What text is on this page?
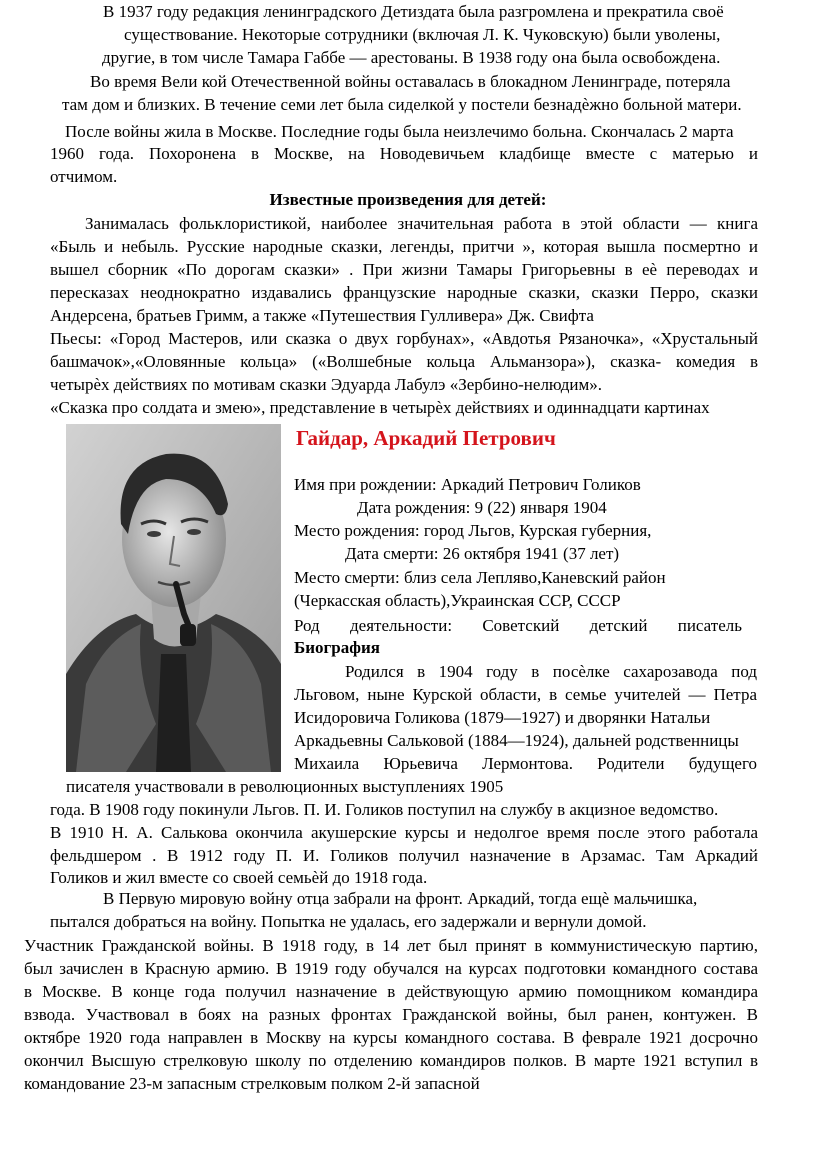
В 1937 году редакция ленинградского Детиздата была разгромлена и прекратила своё
существование. Некоторые сотрудники (включая Л. К. Чуковскую) были уволены,
другие, в том числе Тамара Габбе — арестованы. В 1938 году она была освобождена.
Во время Вели кой Отечественной войны оставалась в блокадном Ленинграде, потеряла
там дом и близких. В течение семи лет была сиделкой у постели безнадѐжно больной матери.
После войны жила в Москве. Последние годы была неизлечимо больна. Скончалась 2 марта
1960 года. Похоронена в Москве, на Новодевичьем кладбище вместе с матерью и
отчимом.
Известные произведения для детей:
Занималась фольклористикой, наиболее значительная работа в этой области — книга
«Быль и небыль. Русские народные сказки, легенды, притчи », которая вышла посмертно и
вышел сборник «По дорогам сказки» . При жизни Тамары Григорьевны в еѐ переводах и
пересказах неоднократно издавались французские народные сказки, сказки Перро, сказки
Андерсена, братьев Гримм, а также «Путешествия Гулливера» Дж. Свифта
Пьесы: «Город Мастеров, или сказка о двух горбунах», «Авдотья Рязаночка», «Хрустальный
башмачок»,«Оловянные кольца» («Волшебные кольца Альманзора»), сказка- комедия в
четырѐх действиях по мотивам сказки Эдуарда Лабулэ «Зербино-нелюдим».
«Сказка про солдата и змею», представление в четырѐх действиях и одиннадцати картинах
Гайдар, Аркадий Петрович
Имя при рождении: Аркадий Петрович Голиков
Дата рождения: 9 (22) января 1904
Место рождения: город Льгов, Курская губерния,
Дата смерти: 26 октября 1941 (37 лет)
Место смерти: близ села Лепляво,Каневский район
(Черкасская область),Украинская ССР, СССР
Род деятельности: Советский детский писатель
Биография
Родился в 1904 году в посѐлке сахарозавода под
Льговом, ныне Курской области, в семье учителей — Петра
Исидоровича Голикова (1879—1927) и дворянки Натальи
Аркадьевны Сальковой (1884—1924), дальней родственницы
Михаила Юрьевича Лермонтова. Родители будущего
писателя участвовали в революционных выступлениях 1905
года. В 1908 году покинули Льгов. П. И. Голиков поступил на службу в акцизное ведомство.
В 1910 Н. А. Салькова окончила акушерские курсы и недолгое время после этого работала
фельдшером . В 1912 году П. И. Голиков получил назначение в Арзамас. Там Аркадий
Голиков и жил вместе со своей семьѐй до 1918 года.
В Первую мировую войну отца забрали на фронт. Аркадий, тогда ещѐ мальчишка,
пытался добраться на войну. Попытка не удалась, его задержали и вернули домой.
Участник Гражданской войны. В 1918 году, в 14 лет был принят в коммунистическую партию,
был зачислен в Красную армию. В 1919 году обучался на курсах подготовки командного состава
в Москве. В конце года получил назначение в действующую армию помощником командира
взвода. Участвовал в боях на разных фронтах Гражданской войны, был ранен, контужен. В
октябре 1920 года направлен в Москву на курсы командного состава. В феврале 1921 досрочно
окончил Высшую стрелковую школу по отделению командиров полков. В марте 1921 вступил в
командование 23-м запасным стрелковым полком 2-й запасной
